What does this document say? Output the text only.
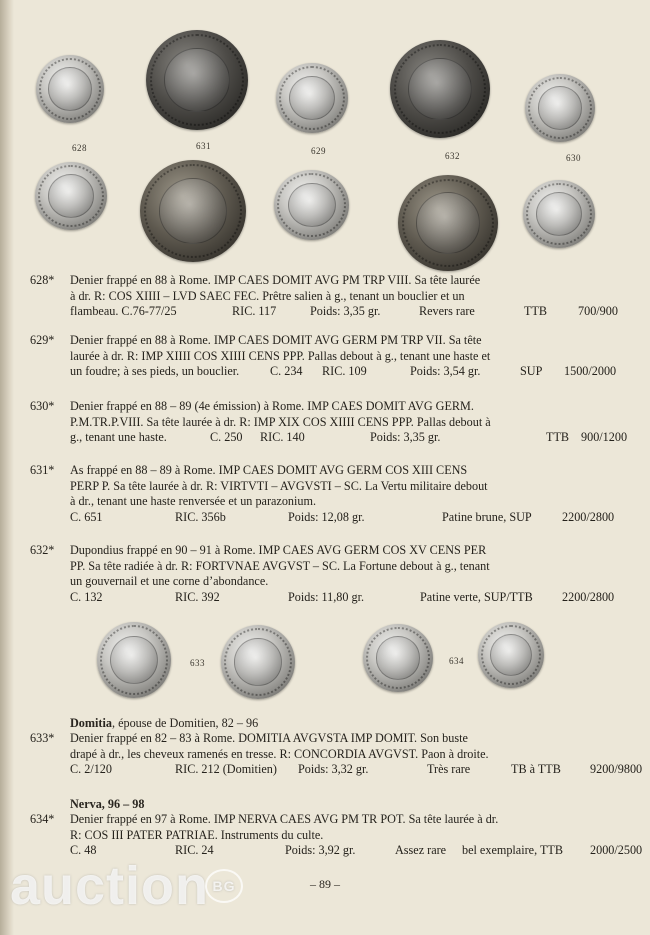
628	631	629	632	630
628*	Denier frappé en 88 à Rome. IMP CAES DOMIT AVG PM TRP VIII. Sa tête laurée
à dr. R: COS XIIII – LVD SAEC FEC. Prêtre salien à g., tenant un bouclier et un
flambeau. C.76-77/25	RIC. 117	Poids: 3,35 gr.	Revers rare	TTB	700/900
629*	Denier frappé en 88 à Rome. IMP CAES DOMIT AVG GERM PM TRP VII. Sa tête
laurée à dr. R: IMP XIIII COS XIIII CENS PPP. Pallas debout à g., tenant une haste et
un foudre; à ses pieds, un bouclier.	C. 234 RIC. 109	Poids: 3,54 gr.	SUP 1500/2000
630*	Denier frappé en 88 – 89 (4e émission) à Rome. IMP CAES DOMIT AVG GERM.
P.M.TR.P.VIII. Sa tête laurée à dr. R: IMP XIX COS XIIII CENS PPP. Pallas debout à
g., tenant une haste.	C. 250 RIC. 140	Poids: 3,35 gr.	TTB 900/1200
631*	As frappé en 88 – 89 à Rome. IMP CAES DOMIT AVG GERM COS XIII CENS
PERP P. Sa tête laurée à dr. R: VIRTVTI – AVGVSTI – SC. La Vertu militaire debout
à dr., tenant une haste renversée et un parazonium.
C. 651	RIC. 356b	Poids: 12,08 gr.	Patine brune, SUP 2200/2800
632*	Dupondius frappé en 90 – 91 à Rome. IMP CAES AVG GERM COS XV CENS PER
PP. Sa tête radiée à dr. R: FORTVNAE AVGVST – SC. La Fortune debout à g., tenant
un gouvernail et une corne d’abondance.
C. 132	RIC. 392	Poids: 11,80 gr.	Patine verte, SUP/TTB 2200/2800
633	634
Domitia, épouse de Domitien, 82 – 96
633*	Denier frappé en 82 – 83 à Rome. DOMITIA AVGVSTA IMP DOMIT. Son buste
drapé à dr., les cheveux ramenés en tresse. R: CONCORDIA AVGVST. Paon à droite.
C. 2/120	RIC. 212 (Domitien) Poids: 3,32 gr.	Très rare	TB à TTB 9200/9800
Nerva, 96 – 98
634*	Denier frappé en 97 à Rome. IMP NERVA CAES AVG PM TR POT. Sa tête laurée à dr.
R: COS III PATER PATRIAE. Instruments du culte.
C. 48	RIC. 24	Poids: 3,92 gr.	Assez rare bel exemplaire, TTB 2000/2500
– 89 –
auction BG
